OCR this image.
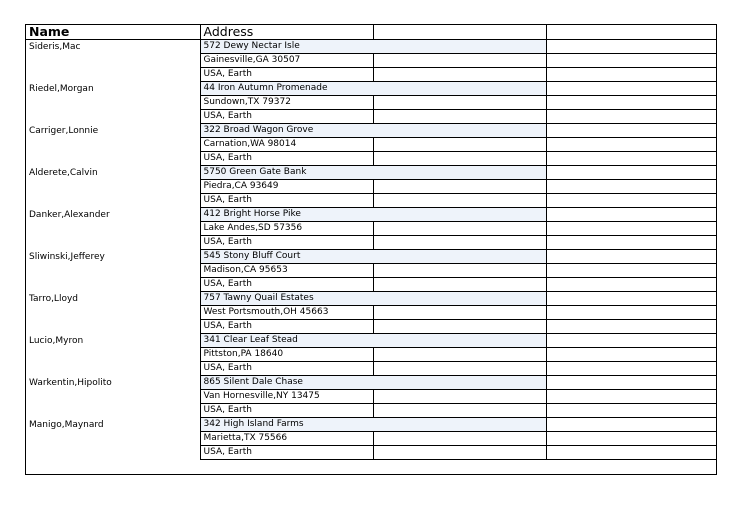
Name	Address		
Sideris,Mac	572 Dewy Nectar Isle		
	Gainesville,GA 30507		
	USA, Earth		
Riedel,Morgan	44 Iron Autumn Promenade		
	Sundown,TX 79372		
	USA, Earth		
Carriger,Lonnie	322 Broad Wagon Grove		
	Carnation,WA 98014		
	USA, Earth		
Alderete,Calvin	5750 Green Gate Bank		
	Piedra,CA 93649		
	USA, Earth		
Danker,Alexander	412 Bright Horse Pike		
	Lake Andes,SD 57356		
	USA, Earth		
Sliwinski,Jefferey	545 Stony Bluff Court		
	Madison,CA 95653		
	USA, Earth		
Tarro,Lloyd	757 Tawny Quail Estates		
	West Portsmouth,OH 45663		
	USA, Earth		
Lucio,Myron	341 Clear Leaf Stead		
	Pittston,PA 18640		
	USA, Earth		
Warkentin,Hipolito	865 Silent Dale Chase		
	Van Hornesville,NY 13475		
	USA, Earth		
Manigo,Maynard	342 High Island Farms		
	Marietta,TX 75566		
	USA, Earth		
